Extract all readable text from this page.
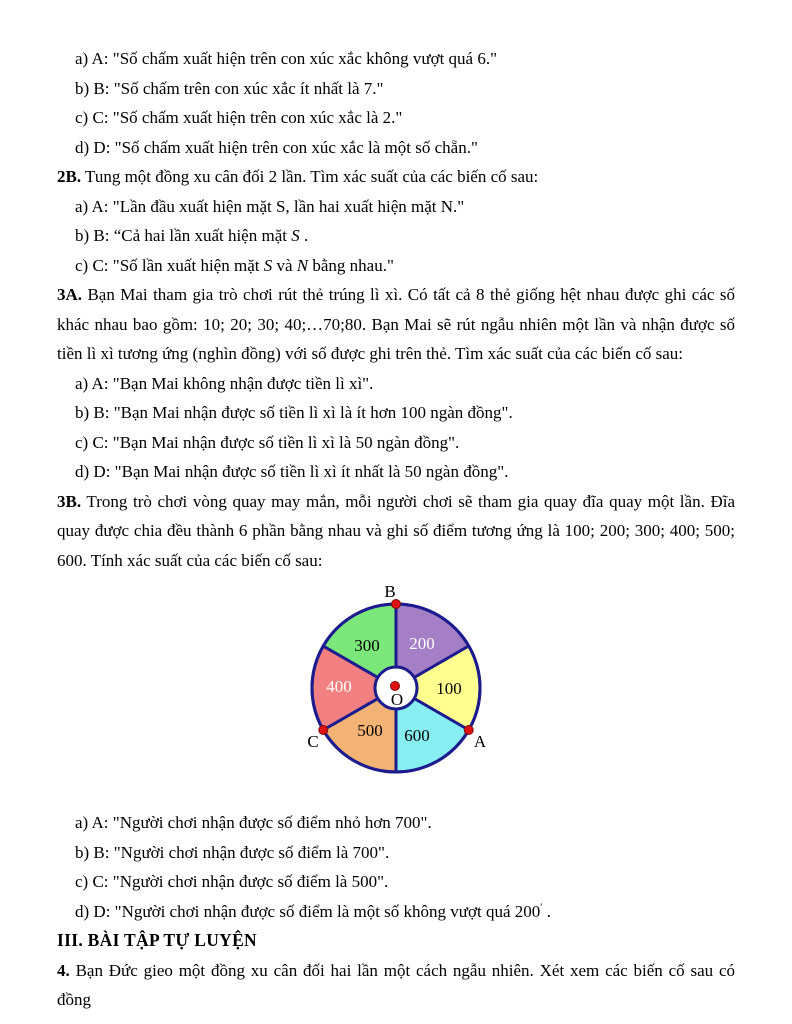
a) A: "Số chấm xuất hiện trên con xúc xắc không vượt quá 6."

b) B: "Số chấm trên con xúc xắc ít nhất là 7."

c) C: "Số chấm xuất hiện trên con xúc xắc là 2."

d) D: "Số chấm xuất hiện trên con xúc xắc là một số chẵn."

2B. Tung một đồng xu cân đối 2 lần. Tìm xác suất của các biến cố sau:

a) A: "Lần đầu xuất hiện mặt S, lần hai xuất hiện mặt N."

b) B: “Cả hai lần xuất hiện mặt S .

c) C: "Số lần xuất hiện mặt S và N bằng nhau."

3A. Bạn Mai tham gia trò chơi rút thẻ trúng lì xì. Có tất cả 8 thẻ giống hệt nhau được ghi các số khác nhau bao gồm: 10; 20; 30; 40;…70;80. Bạn Mai sẽ rút ngẫu nhiên một lần và nhận được số tiền lì xì tương ứng (nghìn đồng) với số được ghi trên thẻ. Tìm xác suất của các biến cố sau:

a) A: "Bạn Mai không nhận được tiền lì xì".

b) B: "Bạn Mai nhận được số tiền lì xì là ít hơn 100 ngàn đồng".

c) C: "Bạn Mai nhận được số tiền lì xì là 50 ngàn đồng".

d) D: "Bạn Mai nhận được số tiền lì xì ít nhất là 50 ngàn đồng".

3B. Trong trò chơi vòng quay may mắn, mỗi người chơi sẽ tham gia quay đĩa quay một lần. Đĩa quay được chia đều thành 6 phần bằng nhau và ghi số điểm tương ứng là 100; 200; 300; 400; 500; 600. Tính xác suất của các biến cố sau:

300 200
100
400
500 600
B
A
C
O

a) A: "Người chơi nhận được số điểm nhỏ hơn 700".

b) B: "Người chơi nhận được số điểm là 700".

c) C: "Người chơi nhận được số điểm là 500".

d) D: "Người chơi nhận được số điểm là một số không vượt quá 200′ .

III. BÀI TẬP TỰ LUYỆN

4. Bạn Đức gieo một đồng xu cân đối hai lần một cách ngẫu nhiên. Xét xem các biến cố sau có đồng
